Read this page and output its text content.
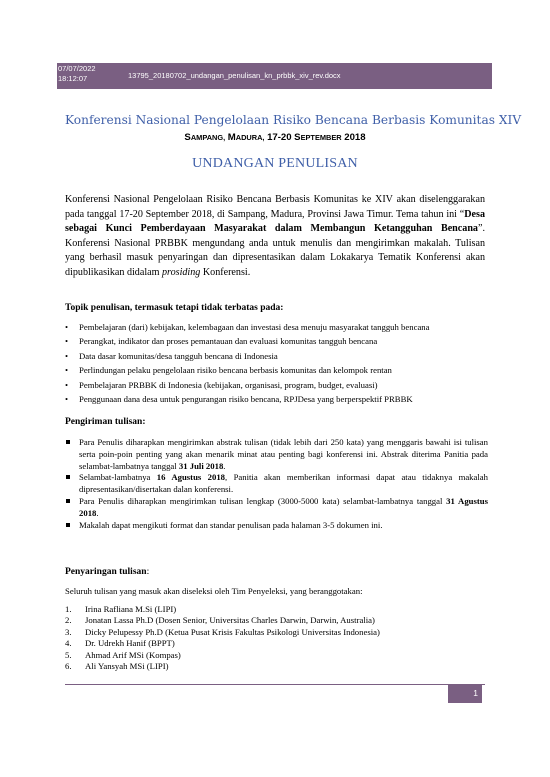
07/07/2022
18:12:07	13795_20180702_undangan_penulisan_kn_prbbk_xiv_rev.docx
Konferensi Nasional Pengelolaan Risiko Bencana Berbasis Komunitas XIV
SAMPANG, MADURA, 17-20 SEPTEMBER 2018
UNDANGAN PENULISAN
Konferensi Nasional Pengelolaan Risiko Bencana Berbasis Komunitas ke XIV akan diselenggarakan pada tanggal 17-20 September 2018, di Sampang, Madura, Provinsi Jawa Timur. Tema tahun ini “Desa sebagai Kunci Pemberdayaan Masyarakat dalam Membangun Ketangguhan Bencana”. Konferensi Nasional PRBBK mengundang anda untuk menulis dan mengirimkan makalah. Tulisan yang berhasil masuk penyaringan dan dipresentasikan dalam Lokakarya Tematik Konferensi akan dipublikasikan didalam prosiding Konferensi.
Topik penulisan, termasuk tetapi tidak terbatas pada:
• Pembelajaran (dari) kebijakan, kelembagaan dan investasi desa menuju masyarakat tangguh bencana
• Perangkat, indikator dan proses pemantauan dan evaluasi komunitas tangguh bencana
• Data dasar komunitas/desa tangguh bencana di Indonesia
• Perlindungan pelaku pengelolaan risiko bencana berbasis komunitas dan kelompok rentan
• Pembelajaran PRBBK di Indonesia (kebijakan, organisasi, program, budget, evaluasi)
• Penggunaan dana desa untuk pengurangan risiko bencana, RPJDesa yang berperspektif PRBBK
Pengiriman tulisan:
Para Penulis diharapkan mengirimkan abstrak tulisan (tidak lebih dari 250 kata) yang menggaris bawahi isi tulisan serta poin-poin penting yang akan menarik minat atau penting bagi konferensi ini. Abstrak diterima Panitia pada selambat-lambatnya tanggal 31 Juli 2018.
Selambat-lambatnya 16 Agustus 2018, Panitia akan memberikan informasi dapat atau tidaknya makalah dipresentasikan/disertakan dalan konferensi.
Para Penulis diharapkan mengirimkan tulisan lengkap (3000-5000 kata) selambat-lambatnya tanggal 31 Agustus 2018.
Makalah dapat mengikuti format dan standar penulisan pada halaman 3-5 dokumen ini.
Penyaringan tulisan:
Seluruh tulisan yang masuk akan diseleksi oleh Tim Penyeleksi, yang beranggotakan:
1. Irina Rafliana M.Si (LIPI)
2. Jonatan Lassa Ph.D (Dosen Senior, Universitas Charles Darwin, Darwin, Australia)
3. Dicky Pelupessy Ph.D (Ketua Pusat Krisis Fakultas Psikologi Universitas Indonesia)
4. Dr. Udrekh Hanif (BPPT)
5. Ahmad Arif MSi (Kompas)
6. Ali Yansyah MSi (LIPI)
1
